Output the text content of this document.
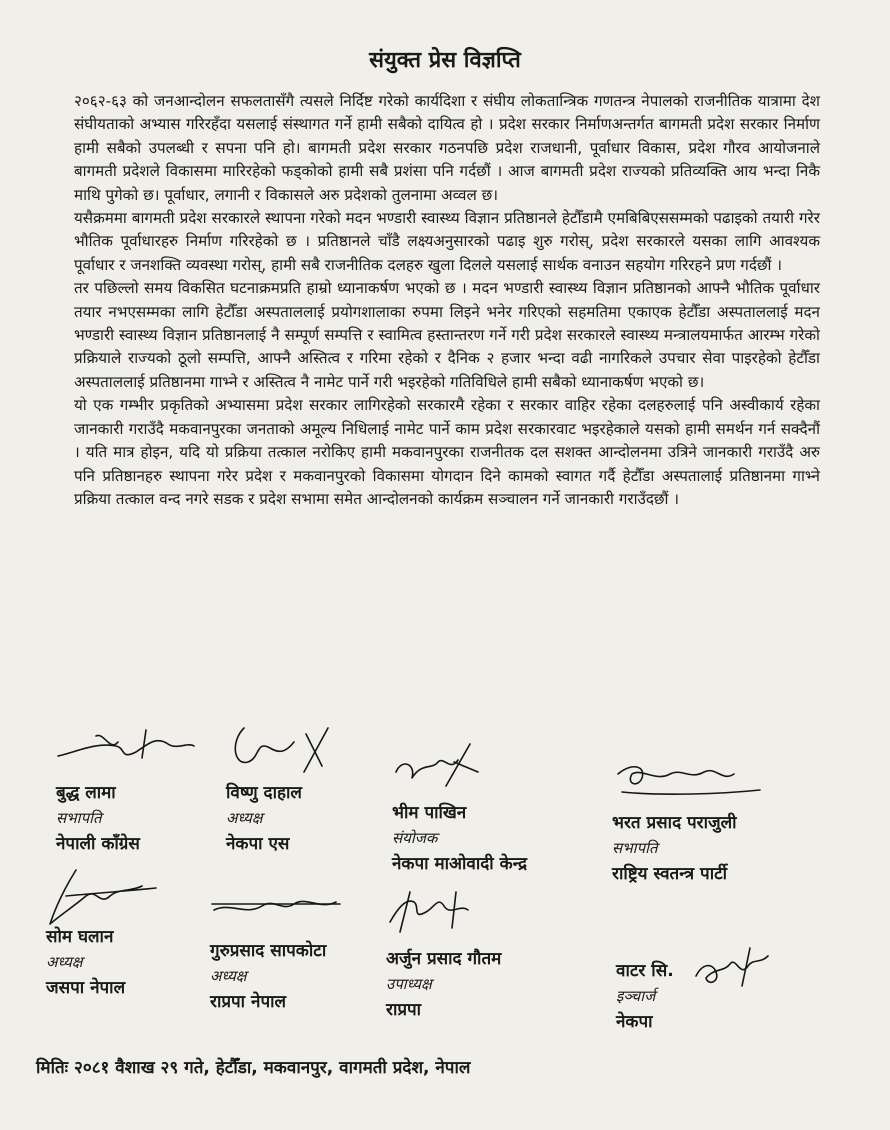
संयुक्त प्रेस विज्ञप्ति

२०६२-६३ को जनआन्दोलन सफलतासँगै त्यसले निर्दिष्ट गरेको कार्यदिशा र संघीय लोकतान्त्रिक गणतन्त्र नेपालको राजनीतिक यात्रामा देश संघीयताको अभ्यास गरिरहँदा यसलाई संस्थागत गर्ने हामी सबैको दायित्व हो । प्रदेश सरकार निर्माणअन्तर्गत बागमती प्रदेश सरकार निर्माण हामी सबैको उपलब्धी र सपना पनि हो। बागमती प्रदेश सरकार गठनपछि प्रदेश राजधानी, पूर्वाधार विकास, प्रदेश गौरव आयोजनाले बागमती प्रदेशले विकासमा मारिरहेको फड्कोको हामी सबै प्रशंसा पनि गर्दछौं । आज बागमती प्रदेश राज्यको प्रतिव्यक्ति आय भन्दा निकै माथि पुगेको छ। पूर्वाधार, लगानी र विकासले अरु प्रदेशको तुलनामा अव्वल छ।

यसैक्रममा बागमती प्रदेश सरकारले स्थापना गरेको मदन भण्डारी स्वास्थ्य विज्ञान प्रतिष्ठानले हेटौँडामै एमबिबिएससम्मको पढाइको तयारी गरेर भौतिक पूर्वाधारहरु निर्माण गरिरहेको छ । प्रतिष्ठानले चाँडै लक्ष्यअनुसारको पढाइ शुरु गरोस्, प्रदेश सरकारले यसका लागि आवश्यक पूर्वाधार र जनशक्ति व्यवस्था गरोस्, हामी सबै राजनीतिक दलहरु खुला दिलले यसलाई सार्थक वनाउन सहयोग गरिरहने प्रण गर्दछौं ।

तर पछिल्लो समय विकसित घटनाक्रमप्रति हाम्रो ध्यानाकर्षण भएको छ । मदन भण्डारी स्वास्थ्य विज्ञान प्रतिष्ठानको आफ्नै भौतिक पूर्वाधार तयार नभएसम्मका लागि हेटौँडा अस्पताललाई प्रयोगशालाका रुपमा लिइने भनेर गरिएको सहमतिमा एकाएक हेटौँडा अस्पताललाई मदन भण्डारी स्वास्थ्य विज्ञान प्रतिष्ठानलाई नै सम्पूर्ण सम्पत्ति र स्वामित्व हस्तान्तरण गर्ने गरी प्रदेश सरकारले स्वास्थ्य मन्त्रालयमार्फत आरम्भ गरेको प्रक्रियाले राज्यको ठूलो सम्पत्ति, आफ्नै अस्तित्व र गरिमा रहेको र दैनिक २ हजार भन्दा वढी नागरिकले उपचार सेवा पाइरहेको हेटौँडा अस्पताललाई प्रतिष्ठानमा गाभ्ने र अस्तित्व नै नामेट पार्ने गरी भइरहेको गतिविधिले हामी सबैको ध्यानाकर्षण भएको छ।

यो एक गम्भीर प्रकृतिको अभ्यासमा प्रदेश सरकार लागिरहेको सरकारमै रहेका र सरकार वाहिर रहेका दलहरुलाई पनि अस्वीकार्य रहेका जानकारी गराउँदै मकवानपुरका जनताको अमूल्य निधिलाई नामेट पार्ने काम प्रदेश सरकारवाट भइरहेकाले यसको हामी समर्थन गर्न सक्दैनौं । यति मात्र होइन, यदि यो प्रक्रिया तत्काल नरोकिए हामी मकवानपुरका राजनीतक दल सशक्त आन्दोलनमा उत्रिने जानकारी गराउँदै अरु पनि प्रतिष्ठानहरु स्थापना गरेर प्रदेश र मकवानपुरको विकासमा योगदान दिने कामको स्वागत गर्दै हेटौँडा अस्पतालाई प्रतिष्ठानमा गाभ्ने प्रक्रिया तत्काल वन्द नगरे सडक र प्रदेश सभामा समेत आन्दोलनको कार्यक्रम सञ्चालन गर्ने जानकारी गराउँदछौं ।

बुद्ध लामा
सभापति
नेपाली काँग्रेस
विष्णु दाहाल
अध्यक्ष
नेकपा एस
भीम पाखिन
संयोजक
नेकपा माओवादी केन्द्र
भरत प्रसाद पराजुली
सभापति
राष्ट्रिय स्वतन्त्र पार्टी
सोम घलान
अध्यक्ष
जसपा नेपाल
गुरुप्रसाद सापकोटा
अध्यक्ष
राप्रपा नेपाल
अर्जुन प्रसाद गौतम
उपाध्यक्ष
राप्रपा
वाटर सि.
इञ्चार्ज
नेकपा
मितिः २०८१ वैशाख २९ गते, हेटौँडा, मकवानपुर, वागमती प्रदेश, नेपाल
